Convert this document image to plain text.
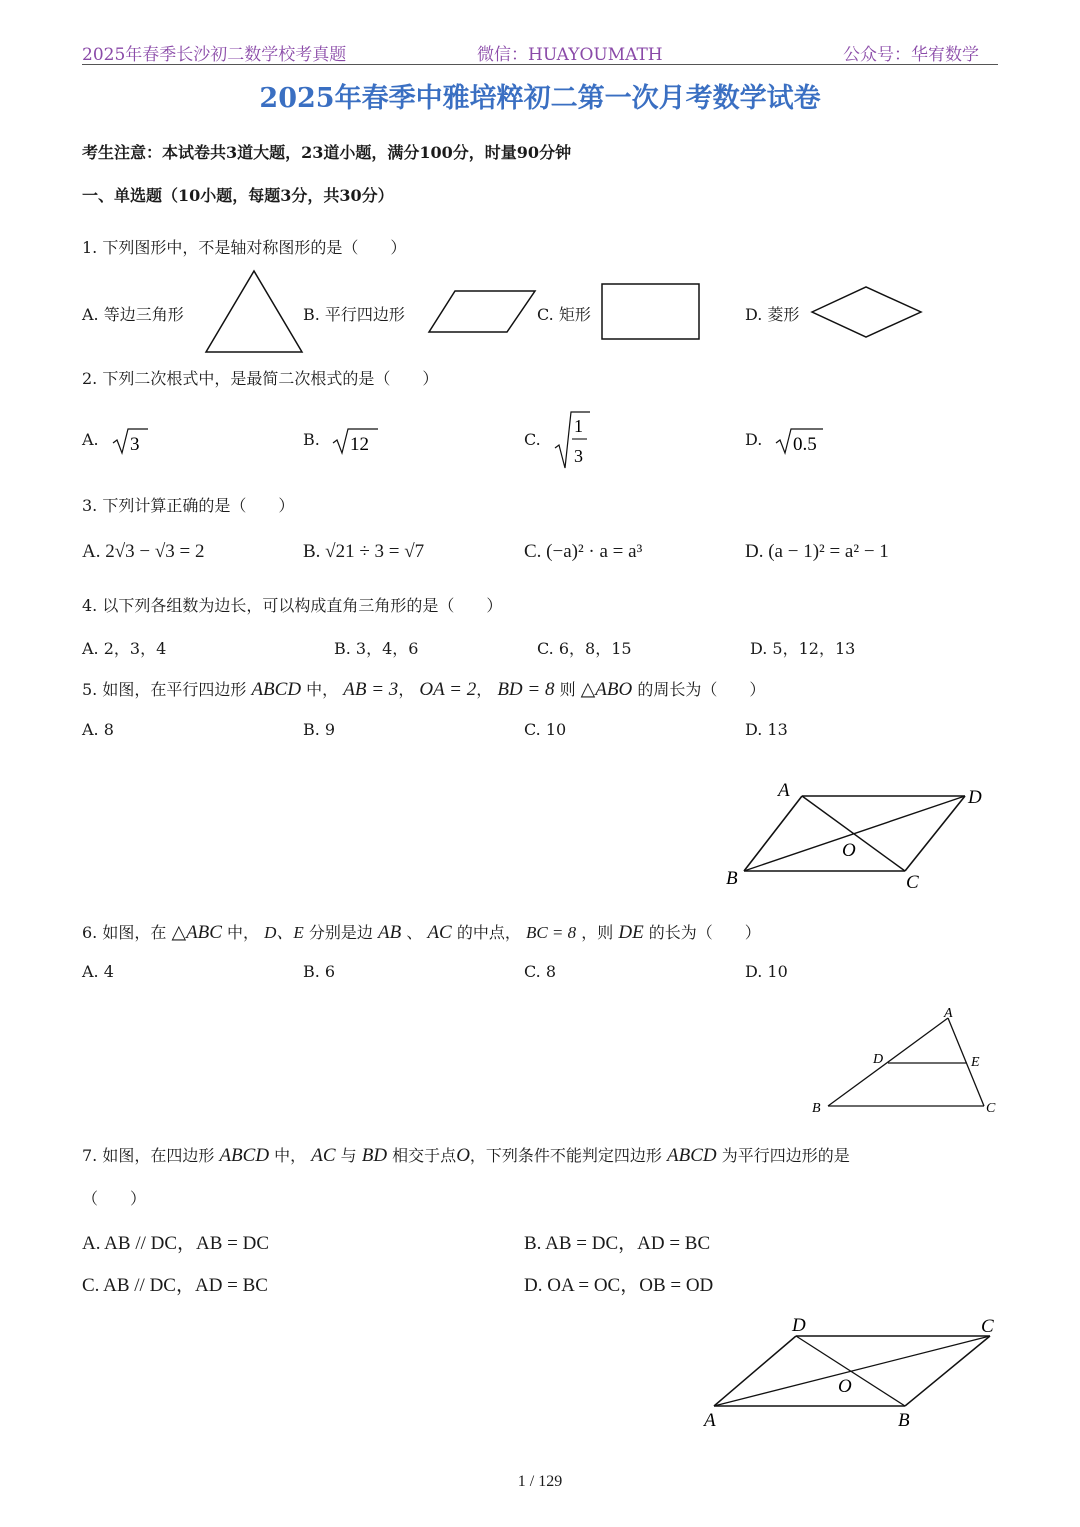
2025年春季长沙初二数学校考真题	微信：HUAYOUMATH	公众号：华宥数学
2025年春季中雅培粹初二第一次月考数学试卷
考生注意：本试卷共3道大题，23道小题，满分100分，时量90分钟
一、单选题（10小题，每题3分，共30分）
1. 下列图形中，不是轴对称图形的是（　　）
A. 等边三角形	B. 平行四边形	C. 矩形	D. 菱形
2. 下列二次根式中，是最简二次根式的是（　　）
A. 3	B. 12	C.
1
3
D. 0.5
3. 下列计算正确的是（　　）
A. 2√3 − √3 = 2	B. √21 ÷ 3 = √7	C. (−a)² · a = a³	D. (a − 1)² = a² − 1
4. 以下列各组数为边长，可以构成直角三角形的是（　　）
A. 2，3，4	B. 3，4，6	C. 6，8，15	D. 5，12，13
5. 如图，在平行四边形 ABCD 中， AB = 3， OA = 2， BD = 8 则 △ABO 的周长为（　　）
A. 8	B. 9	C. 10	D. 13
A	D
O
B	C
6. 如图，在 △ABC 中， D、E 分别是边 AB 、 AC 的中点， BC = 8 ，则 DE 的长为（　　）
A. 4	B. 6	C. 8	D. 10
A
D	E
B	C
7. 如图，在四边形 ABCD 中， AC 与 BD 相交于点O，下列条件不能判定四边形 ABCD 为平行四边形的是
（　　）
A. AB // DC，AB = DC	B. AB = DC，AD = BC
C. AB // DC，AD = BC	D. OA = OC，OB = OD
D	C
O
A	B
1 / 129
